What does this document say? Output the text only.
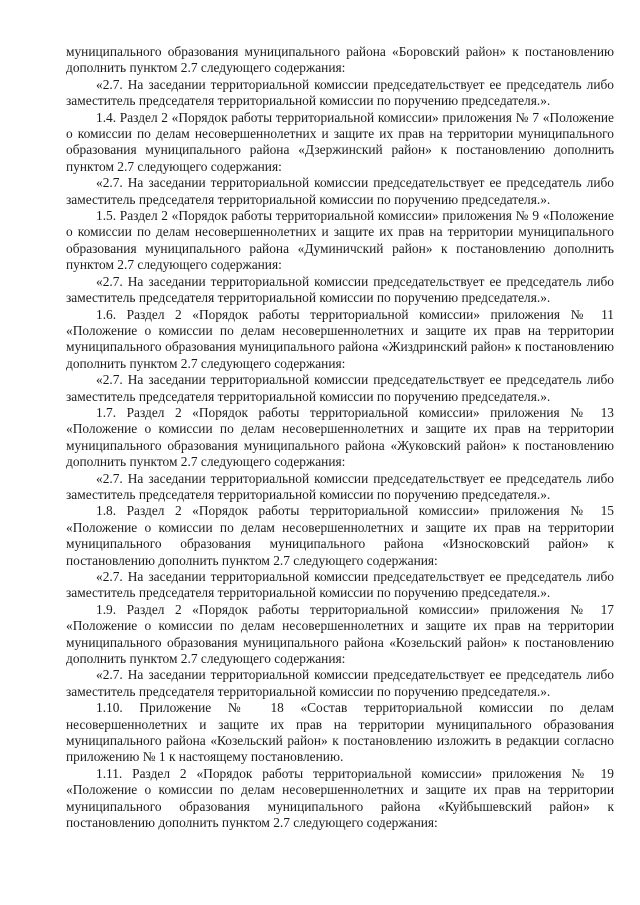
муниципального образования муниципального района «Боровский район» к постановлению дополнить пунктом 2.7 следующего содержания:

«2.7. На заседании территориальной комиссии председательствует ее председатель либо заместитель председателя территориальной комиссии по поручению председателя.».

1.4. Раздел 2 «Порядок работы территориальной комиссии» приложения № 7 «Положение о комиссии по делам несовершеннолетних и защите их прав на территории муниципального образования муниципального района «Дзержинский район» к постановлению дополнить пунктом 2.7 следующего содержания:

«2.7. На заседании территориальной комиссии председательствует ее председатель либо заместитель председателя территориальной комиссии по поручению председателя.».

1.5. Раздел 2 «Порядок работы территориальной комиссии» приложения № 9 «Положение о комиссии по делам несовершеннолетних и защите их прав на территории муниципального образования муниципального района «Думиничский район» к постановлению дополнить пунктом 2.7 следующего содержания:

«2.7. На заседании территориальной комиссии председательствует ее председатель либо заместитель председателя территориальной комиссии по поручению председателя.».

1.6. Раздел 2 «Порядок работы территориальной комиссии» приложения № 11 «Положение о комиссии по делам несовершеннолетних и защите их прав на территории муниципального образования муниципального района «Жиздринский район» к постановлению дополнить пунктом 2.7 следующего содержания:

«2.7. На заседании территориальной комиссии председательствует ее председатель либо заместитель председателя территориальной комиссии по поручению председателя.».

1.7. Раздел 2 «Порядок работы территориальной комиссии» приложения № 13 «Положение о комиссии по делам несовершеннолетних и защите их прав на территории муниципального образования муниципального района «Жуковский район» к постановлению дополнить пунктом 2.7 следующего содержания:

«2.7. На заседании территориальной комиссии председательствует ее председатель либо заместитель председателя территориальной комиссии по поручению председателя.».

1.8. Раздел 2 «Порядок работы территориальной комиссии» приложения № 15 «Положение о комиссии по делам несовершеннолетних и защите их прав на территории муниципального образования муниципального района «Износковский район» к постановлению дополнить пунктом 2.7 следующего содержания:

«2.7. На заседании территориальной комиссии председательствует ее председатель либо заместитель председателя территориальной комиссии по поручению председателя.».

1.9. Раздел 2 «Порядок работы территориальной комиссии» приложения № 17 «Положение о комиссии по делам несовершеннолетних и защите их прав на территории муниципального образования муниципального района «Козельский район» к постановлению дополнить пунктом 2.7 следующего содержания:

«2.7. На заседании территориальной комиссии председательствует ее председатель либо заместитель председателя территориальной комиссии по поручению председателя.».

1.10. Приложение № 18 «Состав территориальной комиссии по делам несовершеннолетних и защите их прав на территории муниципального образования муниципального района «Козельский район» к постановлению изложить в редакции согласно приложению № 1 к настоящему постановлению.

1.11. Раздел 2 «Порядок работы территориальной комиссии» приложения № 19 «Положение о комиссии по делам несовершеннолетних и защите их прав на территории муниципального образования муниципального района «Куйбышевский район» к постановлению дополнить пунктом 2.7 следующего содержания:
